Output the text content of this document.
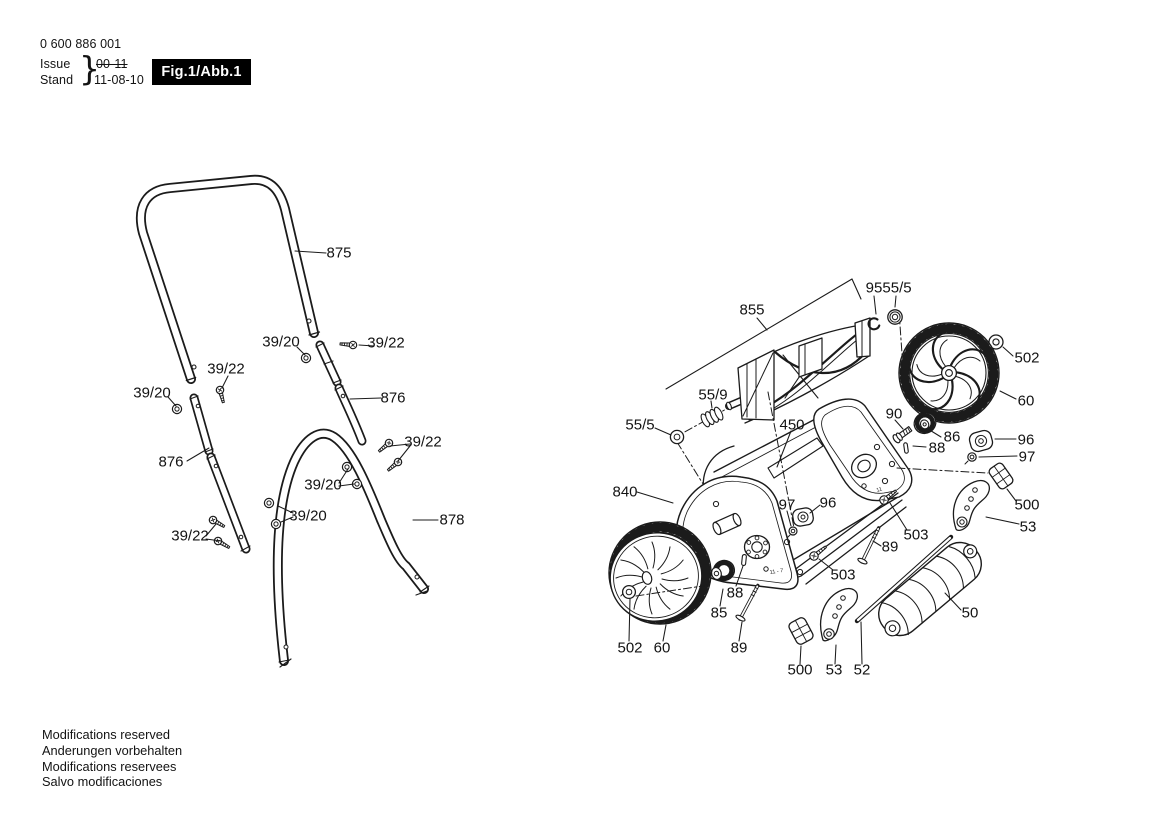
0 600 886 001
Issue
Stand }
00-11
11-08-10 Fig.1/Abb.1
11
11 - 7
875
39/20	39/22
39/22
876
39/20
39/22
876
39/20
878
39/20
39/22
95 55/5
855
502
60
55/9
55/5	450
90
86
88	96
97
840
97 96	500
53
503
89
503
88
85
502 60	89
500 53 52
50
Modifications reserved
Anderungen vorbehalten
Modifications reservees
Salvo modificaciones
